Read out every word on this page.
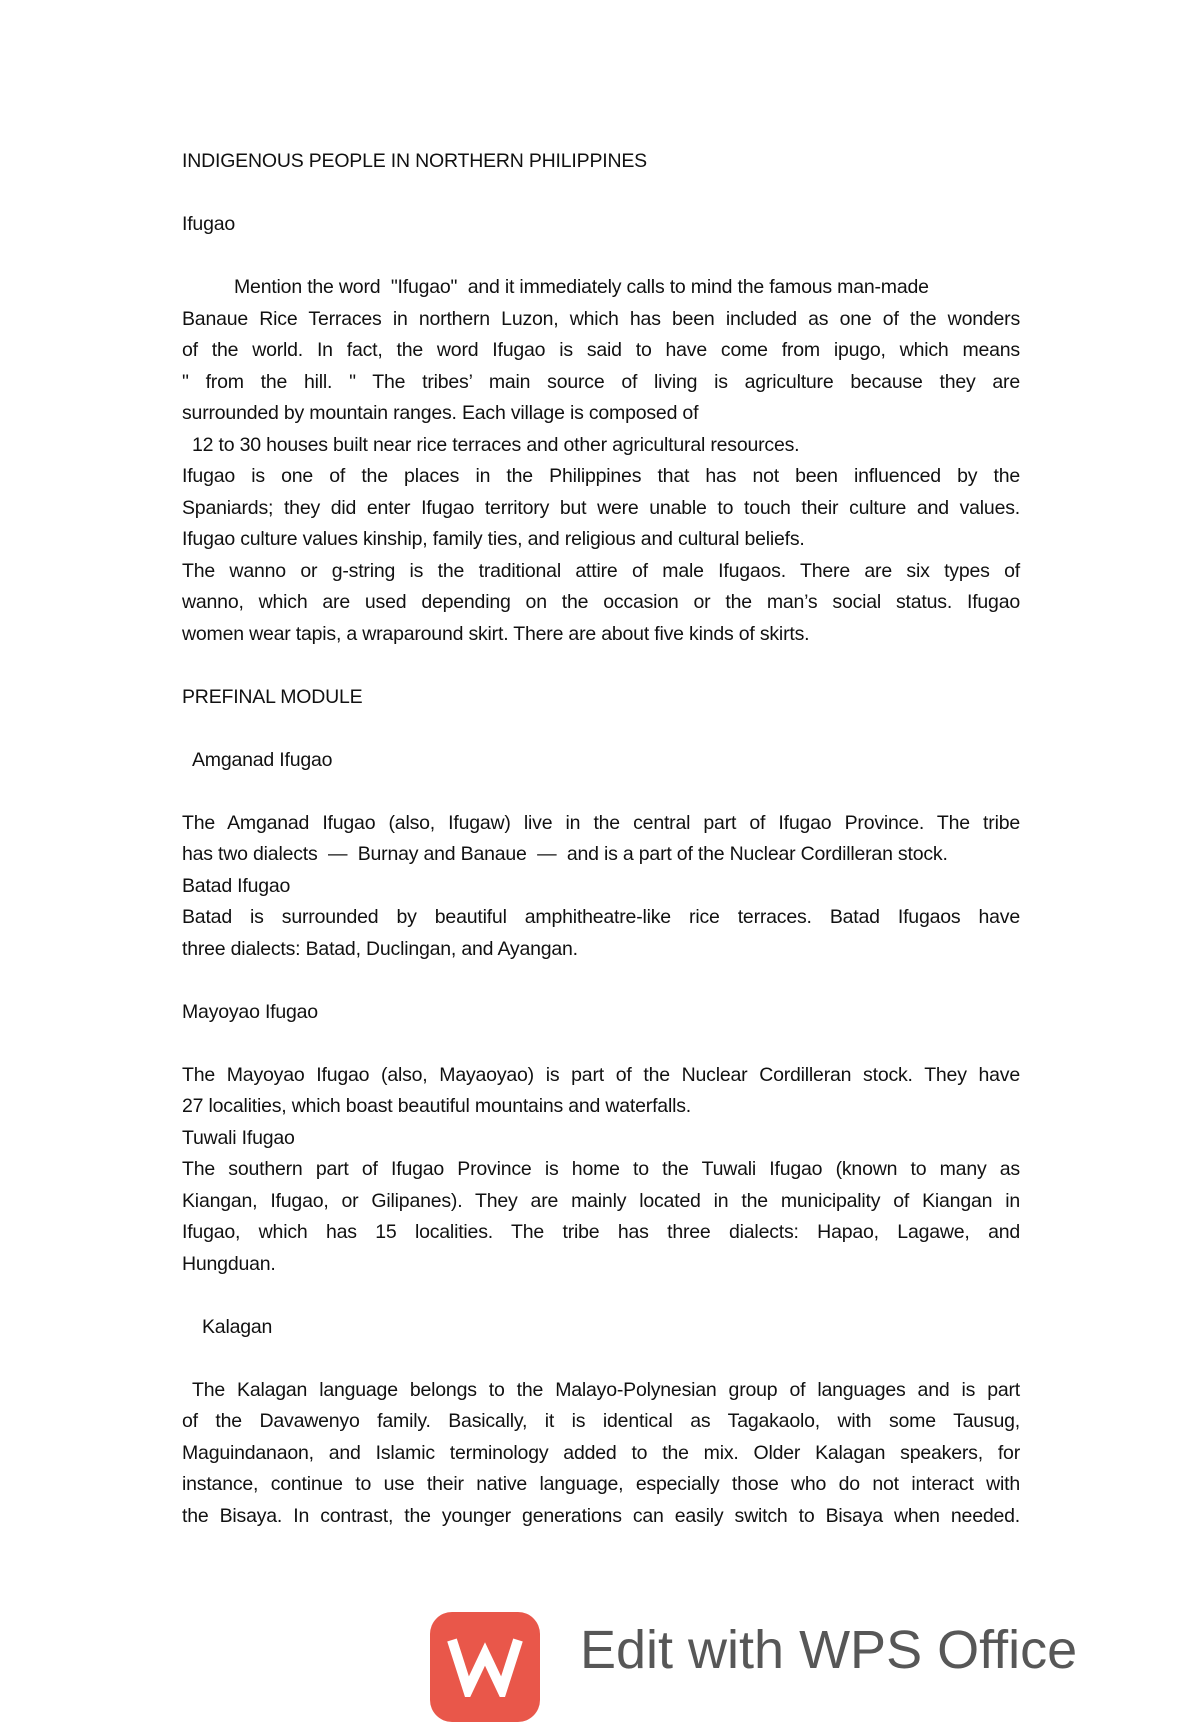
INDIGENOUS PEOPLE IN NORTHERN PHILIPPINES

Ifugao

Mention the word  "Ifugao"  and it immediately calls to mind the famous man-made

Banaue Rice Terraces in northern Luzon, which has been included as one of the wonders

of the world. In fact, the word Ifugao is said to have come from ipugo, which means

" from the hill. " The tribes’ main source of living is agriculture because they are

surrounded by mountain ranges. Each village is composed of

12 to 30 houses built near rice terraces and other agricultural resources.

Ifugao is one of the places in the Philippines that has not been influenced by the

Spaniards; they did enter Ifugao territory but were unable to touch their culture and values.

Ifugao culture values kinship, family ties, and religious and cultural beliefs.

The wanno or g-string is the traditional attire of male Ifugaos. There are six types of

wanno, which are used depending on the occasion or the man’s social status. Ifugao

women wear tapis, a wraparound skirt. There are about five kinds of skirts.

PREFINAL MODULE

Amganad Ifugao

The Amganad Ifugao (also, Ifugaw) live in the central part of Ifugao Province. The tribe

has two dialects  —  Burnay and Banaue  —  and is a part of the Nuclear Cordilleran stock.

Batad Ifugao

Batad is surrounded by beautiful amphitheatre-like rice terraces. Batad Ifugaos have

three dialects: Batad, Duclingan, and Ayangan.

Mayoyao Ifugao

The Mayoyao Ifugao (also, Mayaoyao) is part of the Nuclear Cordilleran stock. They have

27 localities, which boast beautiful mountains and waterfalls.

Tuwali Ifugao

The southern part of Ifugao Province is home to the Tuwali Ifugao (known to many as

Kiangan, Ifugao, or Gilipanes). They are mainly located in the municipality of Kiangan in

Ifugao, which has 15 localities. The tribe has three dialects: Hapao, Lagawe, and

Hungduan.

Kalagan

The Kalagan language belongs to the Malayo-Polynesian group of languages and is part

of the Davawenyo family. Basically, it is identical as Tagakaolo, with some Tausug,

Maguindanaon, and Islamic terminology added to the mix. Older Kalagan speakers, for

instance, continue to use their native language, especially those who do not interact with

the Bisaya. In contrast, the younger generations can easily switch to Bisaya when needed.

Edit with WPS Office
